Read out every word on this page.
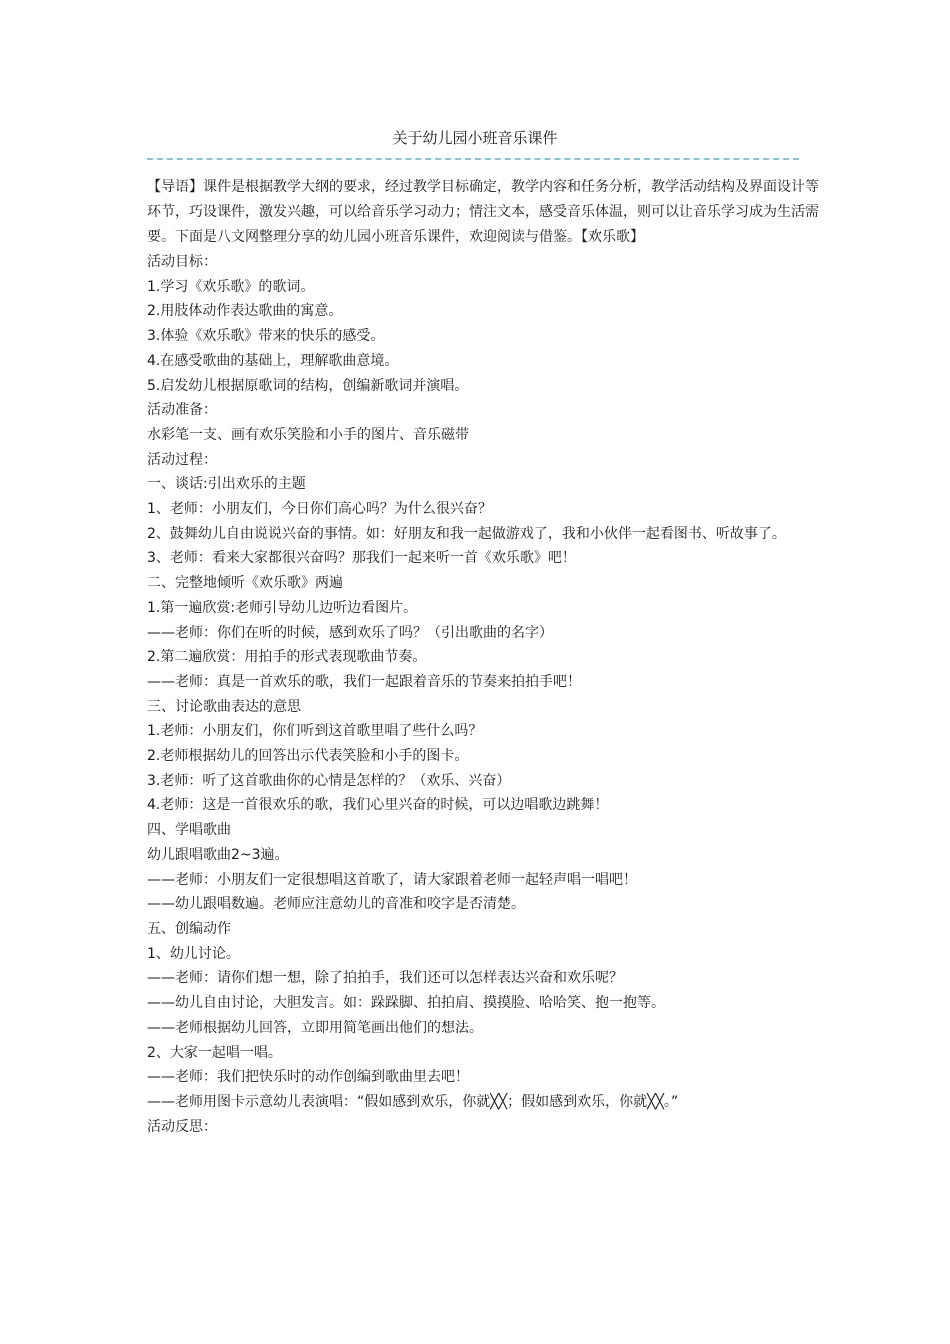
关于幼儿园小班音乐课件

【导语】课件是根据教学大纲的要求，经过教学目标确定，教学内容和任务分析，教学活动结构及界面设计等环节，巧设课件，激发兴趣，可以给音乐学习动力；情注文本，感受音乐体温，则可以让音乐学习成为生活需要。下面是八文网整理分享的幼儿园小班音乐课件，欢迎阅读与借鉴。【欢乐歌】

活动目标：

1.学习《欢乐歌》的歌词。

2.用肢体动作表达歌曲的寓意。

3.体验《欢乐歌》带来的快乐的感受。

4.在感受歌曲的基础上，理解歌曲意境。

5.启发幼儿根据原歌词的结构，创编新歌词并演唱。

活动准备：

水彩笔一支、画有欢乐笑脸和小手的图片、音乐磁带

活动过程：

一、谈话:引出欢乐的主题

1、老师：小朋友们，今日你们高心吗？为什么很兴奋？

2、鼓舞幼儿自由说说兴奋的事情。如：好朋友和我一起做游戏了，我和小伙伴一起看图书、听故事了。

3、老师：看来大家都很兴奋吗？那我们一起来听一首《欢乐歌》吧！

二、完整地倾听《欢乐歌》两遍

1.第一遍欣赏:老师引导幼儿边听边看图片。

——老师：你们在听的时候，感到欢乐了吗？（引出歌曲的名字）

2.第二遍欣赏：用拍手的形式表现歌曲节奏。

——老师：真是一首欢乐的歌，我们一起跟着音乐的节奏来拍拍手吧！

三、讨论歌曲表达的意思

1.老师：小朋友们，你们听到这首歌里唱了些什么吗？

2.老师根据幼儿的回答出示代表笑脸和小手的图卡。

3.老师：听了这首歌曲你的心情是怎样的？（欢乐、兴奋）

4.老师：这是一首很欢乐的歌，我们心里兴奋的时候，可以边唱歌边跳舞！

四、学唱歌曲

幼儿跟唱歌曲2~3遍。

——老师：小朋友们一定很想唱这首歌了，请大家跟着老师一起轻声唱一唱吧！

——幼儿跟唱数遍。老师应注意幼儿的音准和咬字是否清楚。

五、创编动作

1、幼儿讨论。

——老师：请你们想一想，除了拍拍手，我们还可以怎样表达兴奋和欢乐呢？

——幼儿自由讨论，大胆发言。如：跺跺脚、拍拍肩、摸摸脸、哈哈笑、抱一抱等。

——老师根据幼儿回答，立即用简笔画出他们的想法。

2、大家一起唱一唱。

——老师：我们把快乐时的动作创编到歌曲里去吧！

——老师用图卡示意幼儿表演唱：“假如感到欢乐，你就╳╳；假如感到欢乐，你就╳╳。”

活动反思：
